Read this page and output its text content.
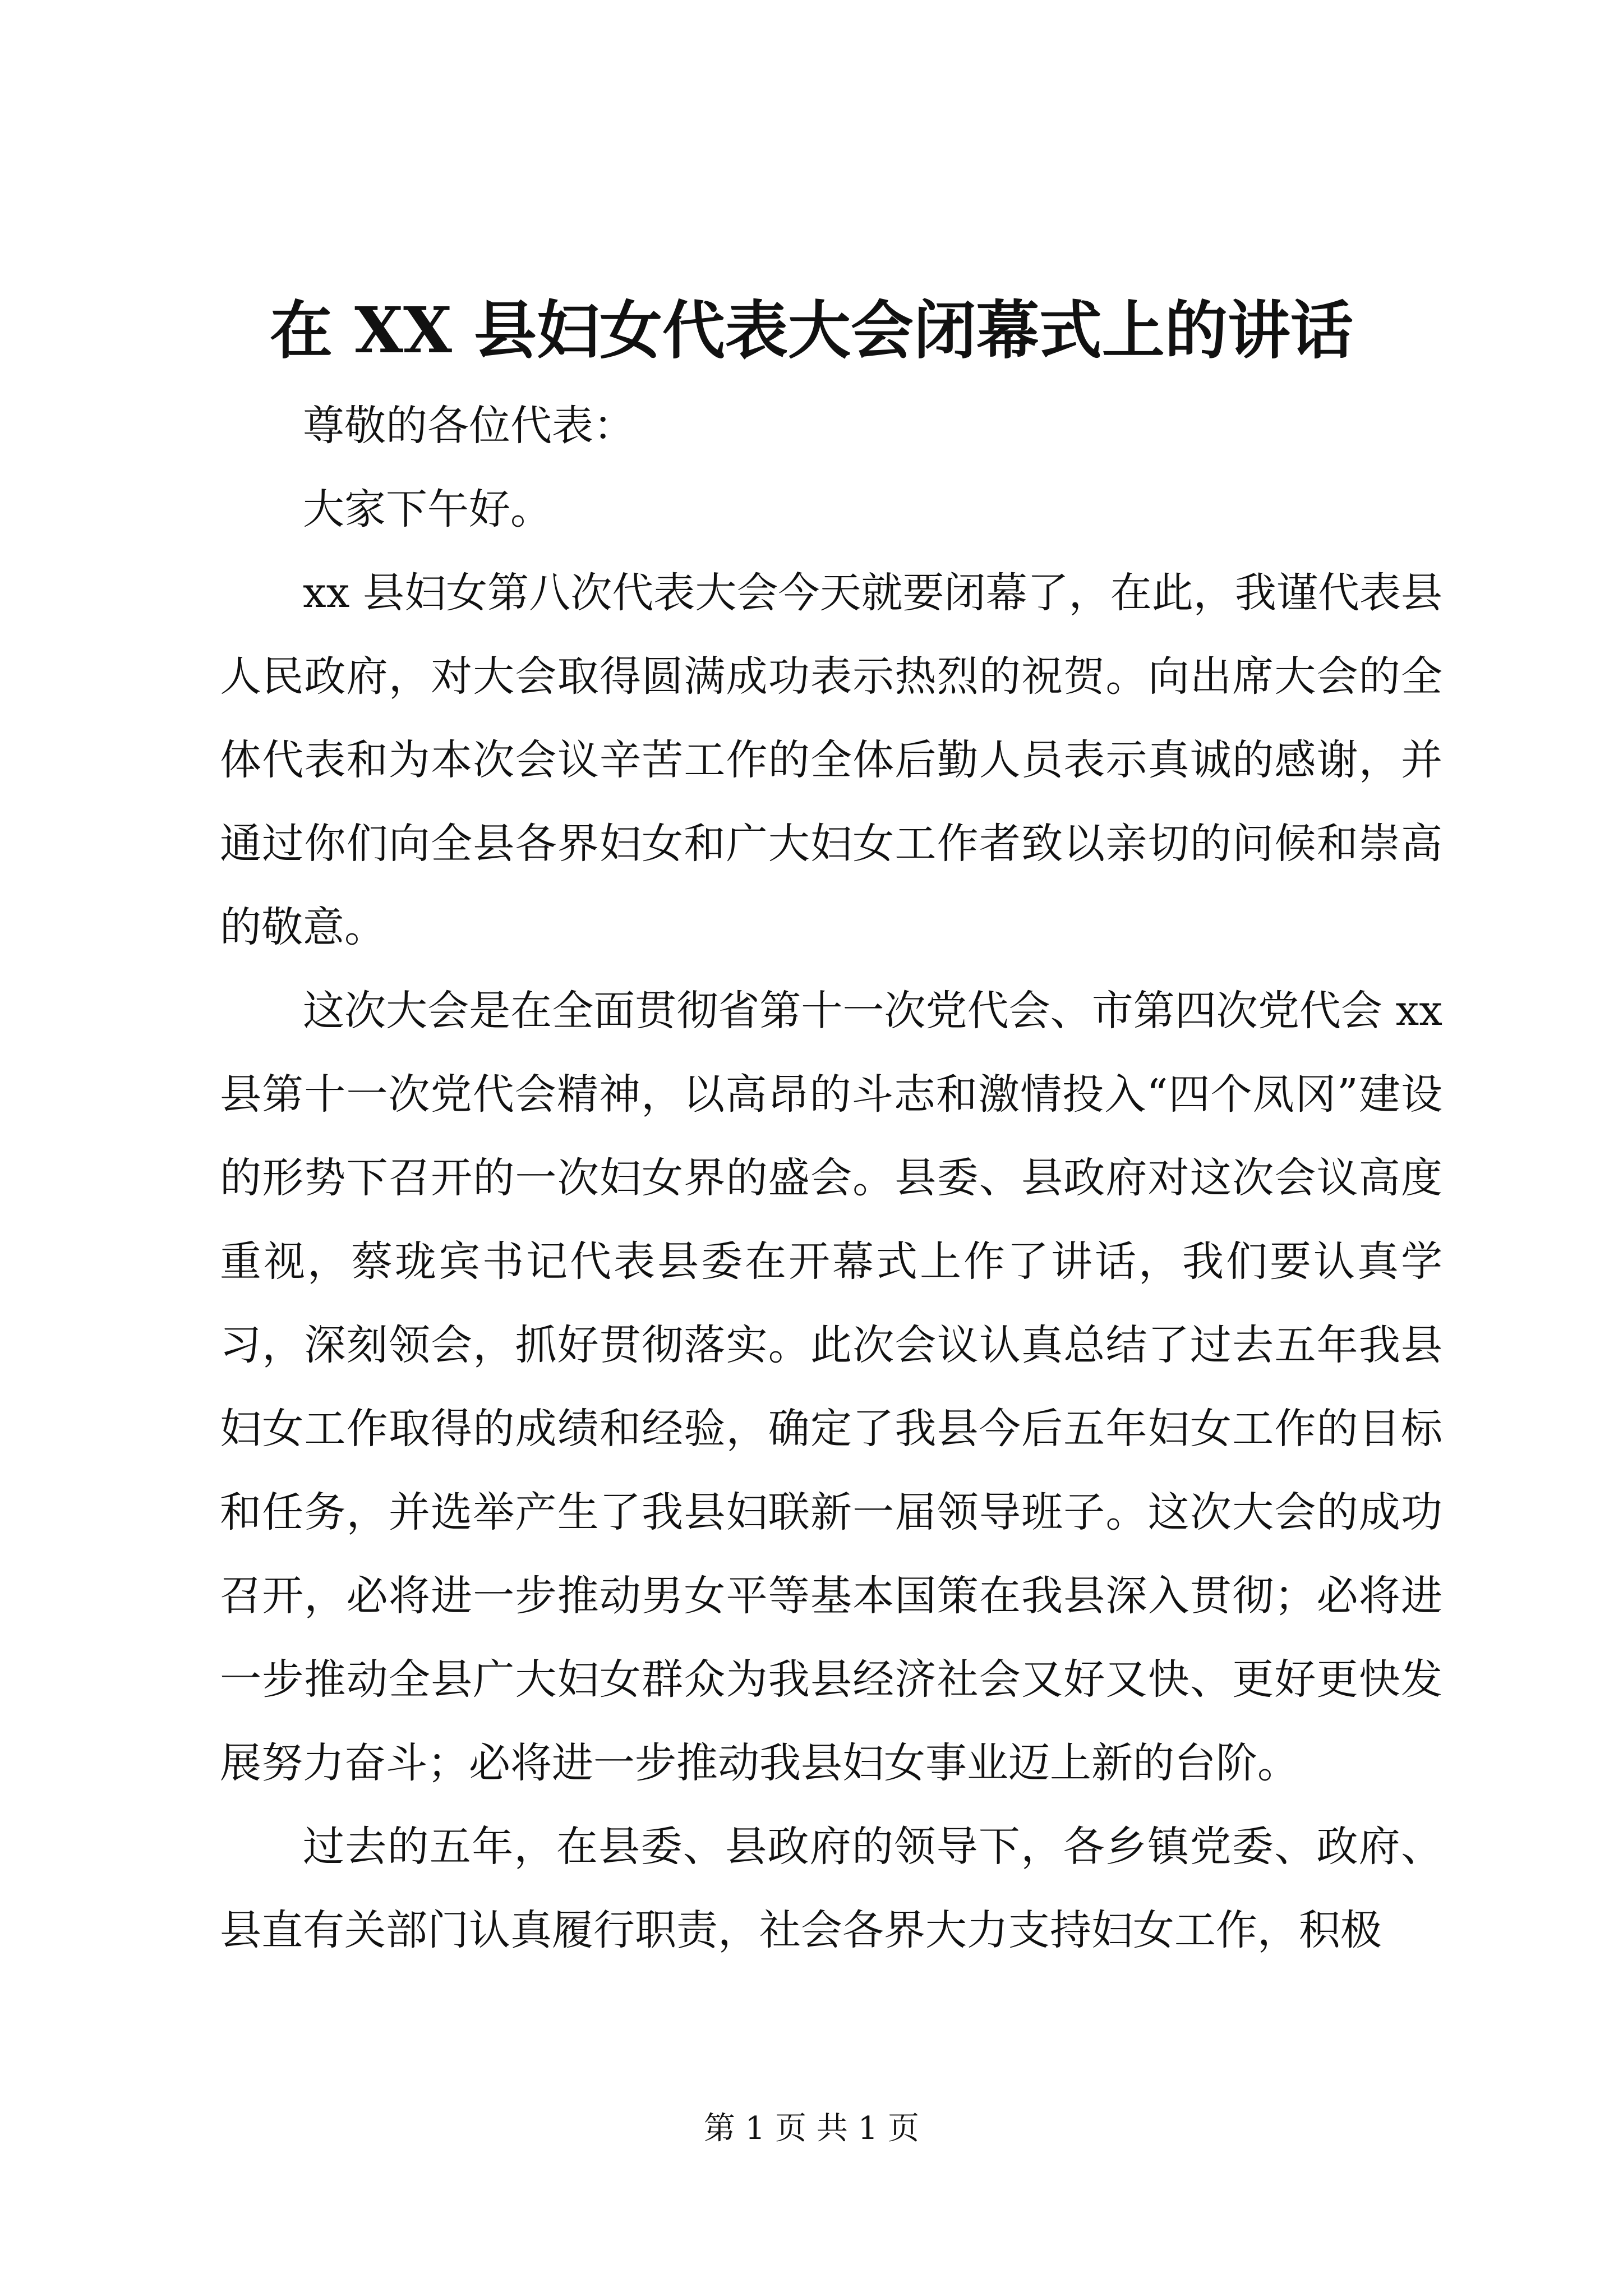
在 XX 县妇女代表大会闭幕式上的讲话

尊敬的各位代表：

大家下午好。

xx 县妇女第八次代表大会今天就要闭幕了，在此，我谨代表县人民政府，对大会取得圆满成功表示热烈的祝贺。向出席大会的全体代表和为本次会议辛苦工作的全体后勤人员表示真诚的感谢，并通过你们向全县各界妇女和广大妇女工作者致以亲切的问候和崇高的敬意。

这次大会是在全面贯彻省第十一次党代会、市第四次党代会 xx 县第十一次党代会精神，以高昂的斗志和激情投入“四个凤冈”建设的形势下召开的一次妇女界的盛会。县委、县政府对这次会议高度重视，蔡珑宾书记代表县委在开幕式上作了讲话，我们要认真学习，深刻领会，抓好贯彻落实。此次会议认真总结了过去五年我县妇女工作取得的成绩和经验，确定了我县今后五年妇女工作的目标和任务，并选举产生了我县妇联新一届领导班子。这次大会的成功召开，必将进一步推动男女平等基本国策在我县深入贯彻；必将进一步推动全县广大妇女群众为我县经济社会又好又快、更好更快发展努力奋斗；必将进一步推动我县妇女事业迈上新的台阶。

过去的五年，在县委、县政府的领导下，各乡镇党委、政府、县直有关部门认真履行职责，社会各界大力支持妇女工作，积极

第 1 页 共 1 页
